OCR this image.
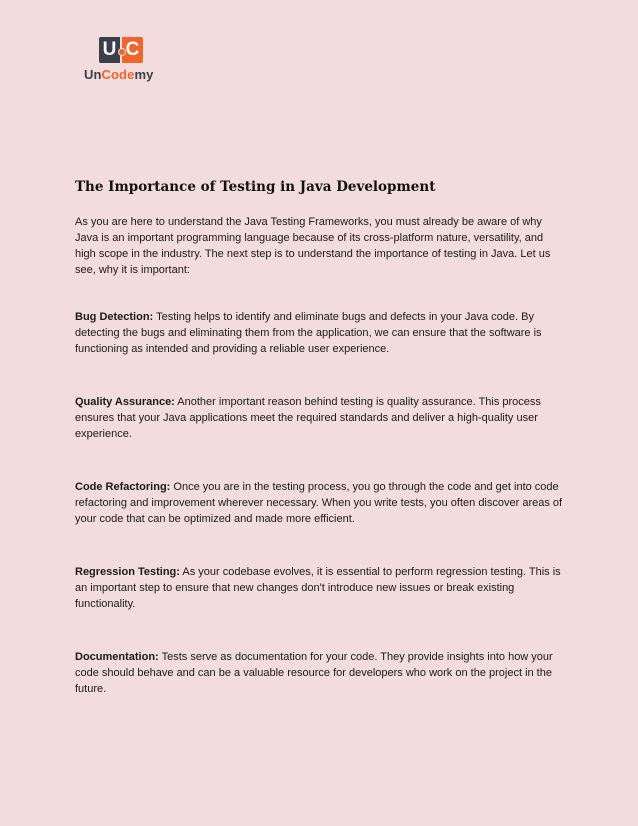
U C
UnCodemy
The Importance of Testing in Java Development

As you are here to understand the Java Testing Frameworks, you must already be aware of why Java is an important programming language because of its cross-platform nature, versatility, and high scope in the industry. The next step is to understand the importance of testing in Java. Let us see, why it is important:

Bug Detection: Testing helps to identify and eliminate bugs and defects in your Java code. By detecting the bugs and eliminating them from the application, we can ensure that the software is functioning as intended and providing a reliable user experience.

Quality Assurance: Another important reason behind testing is quality assurance. This process ensures that your Java applications meet the required standards and deliver a high-quality user experience.

Code Refactoring: Once you are in the testing process, you go through the code and get into code refactoring and improvement wherever necessary. When you write tests, you often discover areas of your code that can be optimized and made more efficient.

Regression Testing: As your codebase evolves, it is essential to perform regression testing. This is an important step to ensure that new changes don't introduce new issues or break existing functionality.

Documentation: Tests serve as documentation for your code. They provide insights into how your code should behave and can be a valuable resource for developers who work on the project in the future.
